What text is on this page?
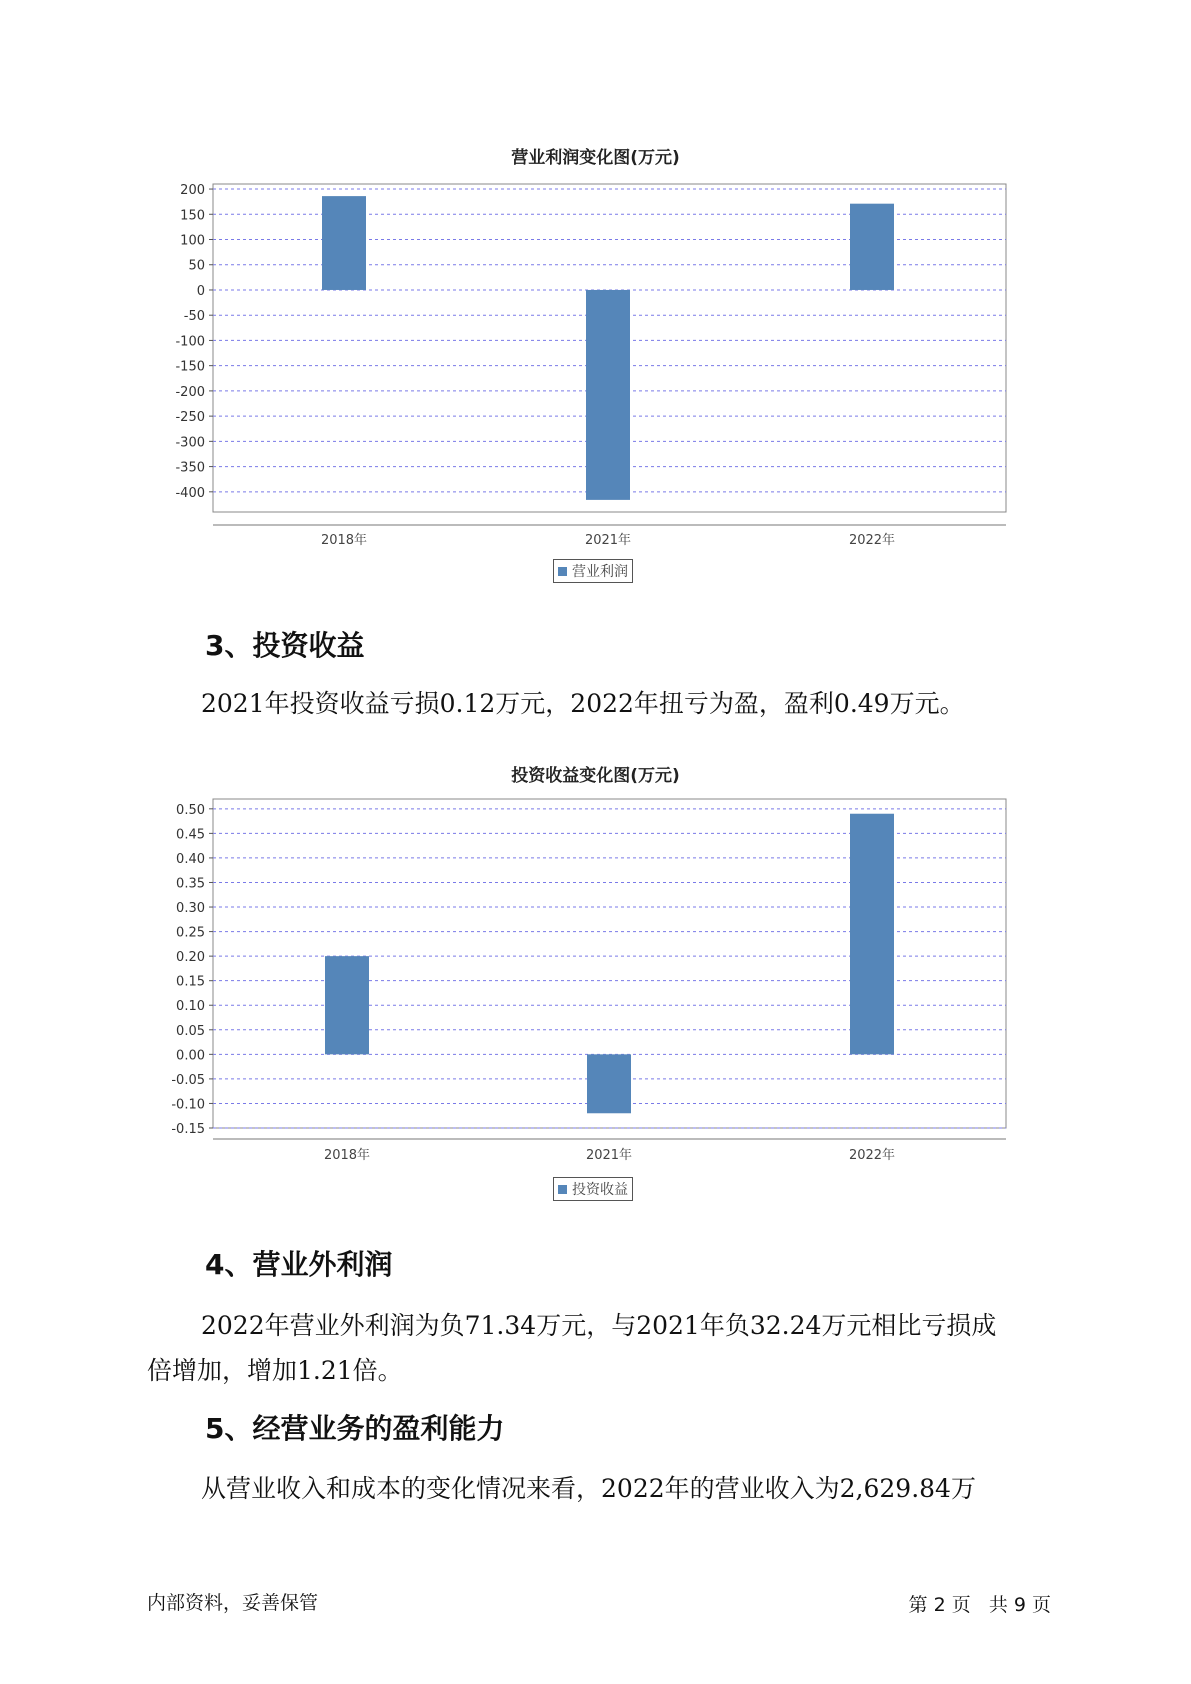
营业利润变化图(万元)
200
150
100
50
0
-50
-100
-150
-200
-250
-300
-350
-400
2018年	2021年	2022年
营业利润
3、投资收益
2021年投资收益亏损0.12万元，2022年扭亏为盈，盈利0.49万元。
投资收益变化图(万元)
0.50
0.45
0.40
0.35
0.30
0.25
0.20
0.15
0.10
0.05
0.00
-0.05
-0.10
-0.15
2018年	2021年	2022年
投资收益
4、营业外利润
2022年营业外利润为负71.34万元，与2021年负32.24万元相比亏损成
倍增加，增加1.21倍。
5、经营业务的盈利能力
从营业收入和成本的变化情况来看，2022年的营业收入为2,629.84万
内部资料，妥善保管	第 2 页   共 9 页
